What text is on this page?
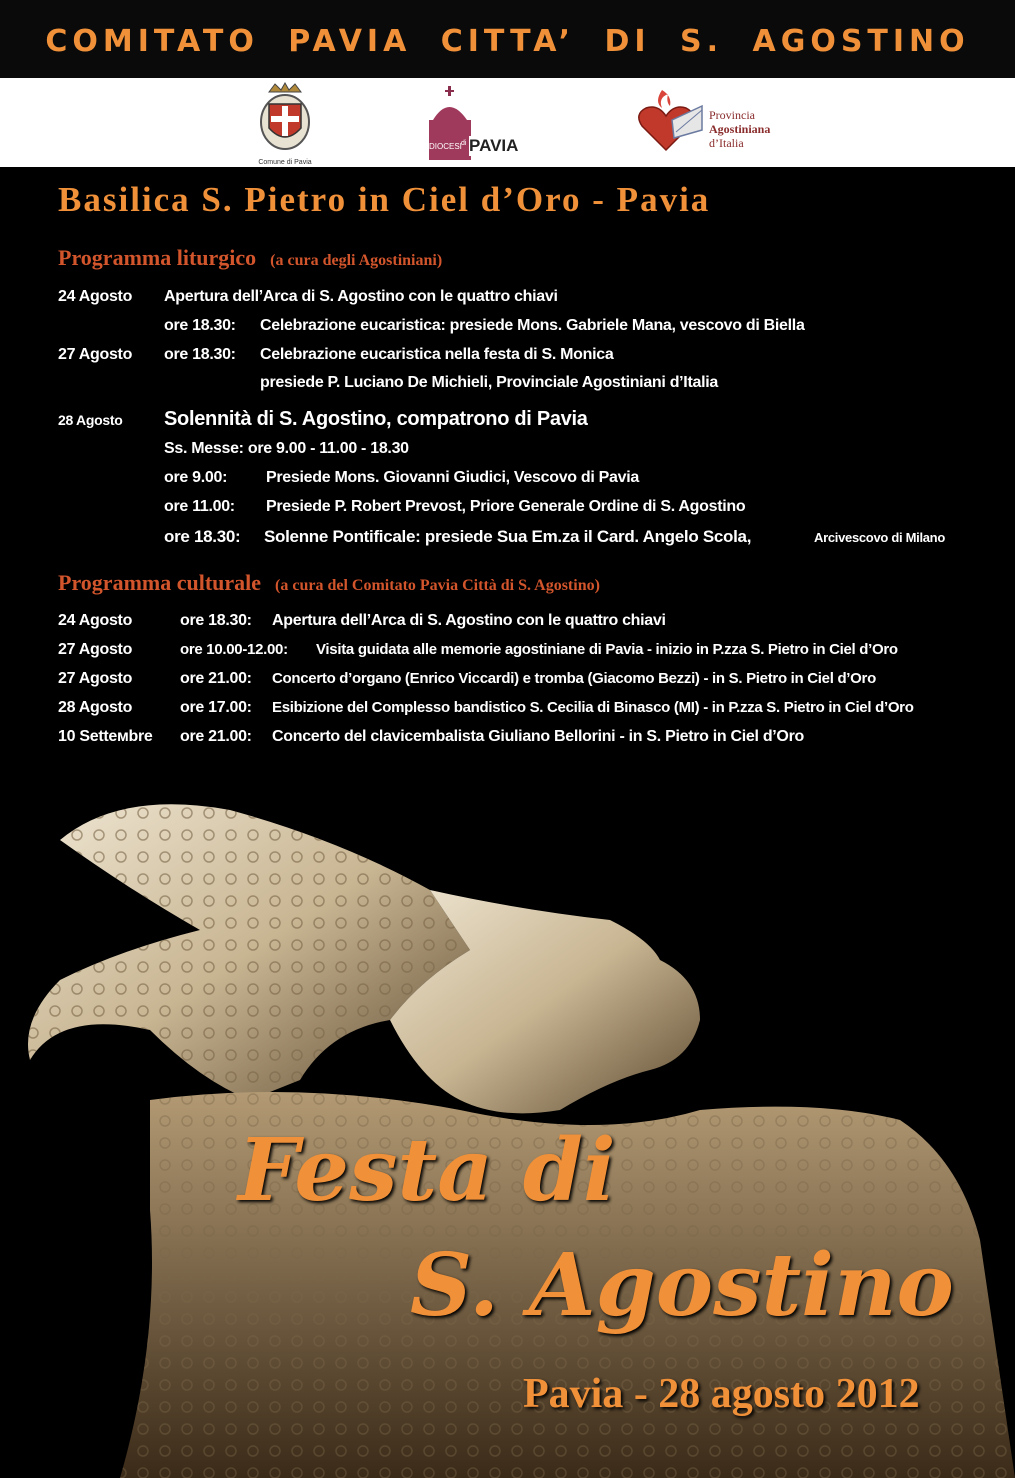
COMITATO PAVIA CITTA’ DI S. AGOSTINO
Comune di Pavia
DIOCESI di PAVIA
Provincia
Agostiniana
d’Italia
Basilica S. Pietro in Ciel d’Oro - Pavia
Programma liturgico (a cura degli Agostiniani)
24 Agosto Apertura dell’Arca di S. Agostino con le quattro chiavi
ore 18.30: Celebrazione eucaristica: presiede Mons. Gabriele Mana, vescovo di Biella
27 Agosto ore 18.30: Celebrazione eucaristica nella festa di S. Monica
presiede P. Luciano De Michieli, Provinciale Agostiniani d’Italia
28 Agosto Solennità di S. Agostino, compatrono di Pavia
Ss. Messe: ore 9.00 - 11.00 - 18.30
ore 9.00: Presiede Mons. Giovanni Giudici, Vescovo di Pavia
ore 11.00: Presiede P. Robert Prevost, Priore Generale Ordine di S. Agostino
ore 18.30: Solenne Pontificale: presiede Sua Em.za il Card. Angelo Scola,	Arcivescovo di Milano
Programma culturale (a cura del Comitato Pavia Città di S. Agostino)
24 Agosto	ore 18.30: Apertura dell’Arca di S. Agostino con le quattro chiavi
27 Agosto	ore 10.00-12.00: Visita guidata alle memorie agostiniane di Pavia - inizio in P.zza S. Pietro in Ciel d’Oro
27 Agosto	ore 21.00: Concerto d’organo (Enrico Viccardi) e tromba (Giacomo Bezzi) - in S. Pietro in Ciel d’Oro
28 Agosto	ore 17.00: Esibizione del Complesso bandistico S. Cecilia di Binasco (MI) - in P.zza S. Pietro in Ciel d’Oro
10 Setteмbre ore 21.00: Concerto del clavicembalista Giuliano Bellorini - in S. Pietro in Ciel d’Oro
Festa di
S. Agostino
Pavia - 28 agosto 2012
